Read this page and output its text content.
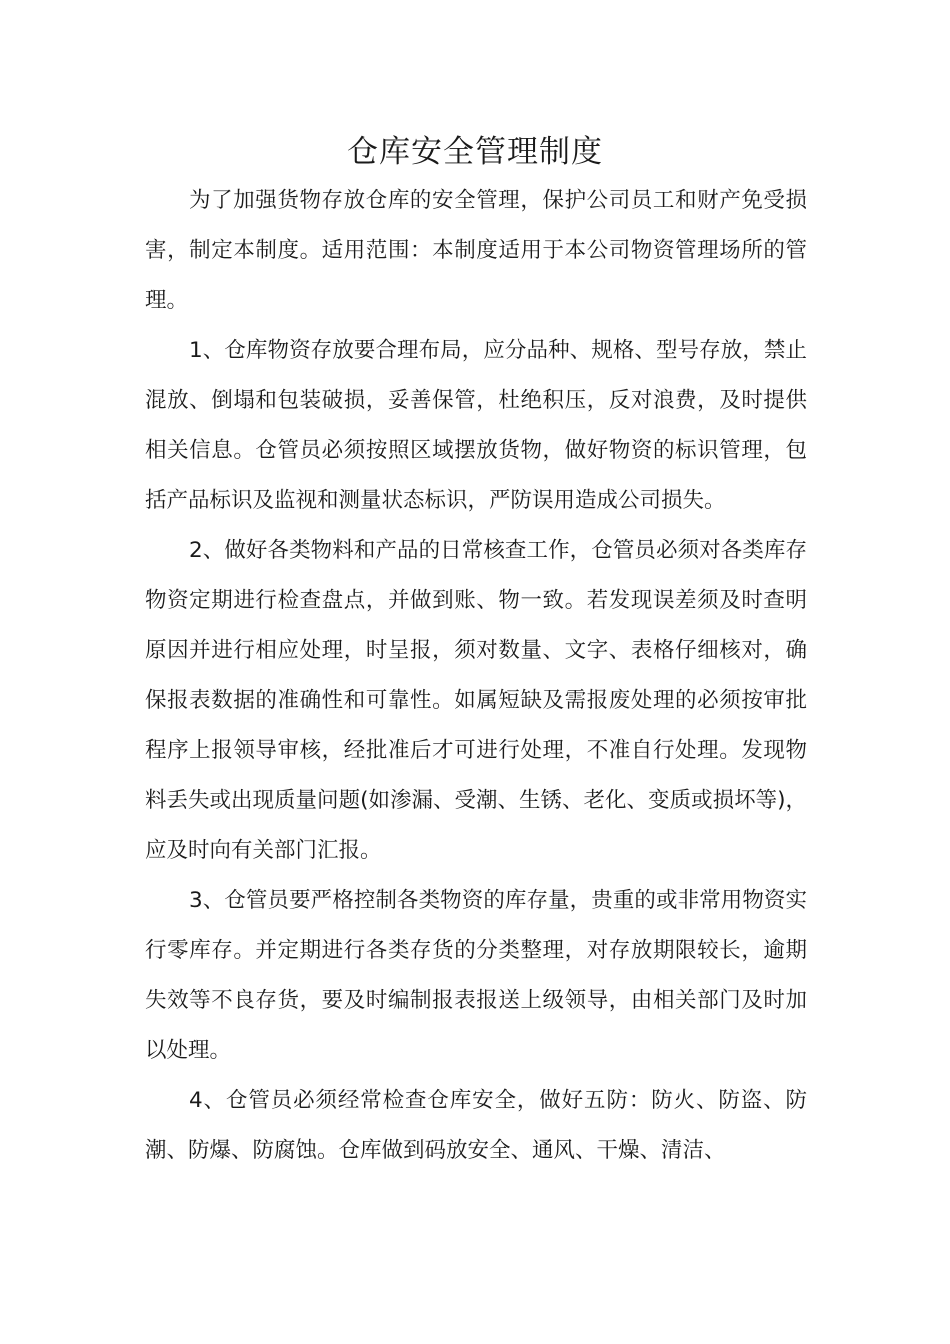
仓库安全管理制度

为了加强货物存放仓库的安全管理，保护公司员工和财产免受损害，制定本制度。适用范围：本制度适用于本公司物资管理场所的管理。

1、仓库物资存放要合理布局，应分品种、规格、型号存放，禁止混放、倒塌和包装破损，妥善保管，杜绝积压，反对浪费，及时提供相关信息。仓管员必须按照区域摆放货物，做好物资的标识管理，包括产品标识及监视和测量状态标识，严防误用造成公司损失。

2、做好各类物料和产品的日常核查工作，仓管员必须对各类库存物资定期进行检查盘点，并做到账、物一致。若发现误差须及时查明原因并进行相应处理，时呈报，须对数量、文字、表格仔细核对，确保报表数据的准确性和可靠性。如属短缺及需报废处理的必须按审批程序上报领导审核，经批准后才可进行处理，不准自行处理。发现物料丢失或出现质量问题(如渗漏、受潮、生锈、老化、变质或损坏等)，应及时向有关部门汇报。

3、仓管员要严格控制各类物资的库存量，贵重的或非常用物资实行零库存。并定期进行各类存货的分类整理，对存放期限较长，逾期失效等不良存货，要及时编制报表报送上级领导，由相关部门及时加以处理。

4、仓管员必须经常检查仓库安全，做好五防：防火、防盗、防潮、防爆、防腐蚀。仓库做到码放安全、通风、干燥、清洁、
